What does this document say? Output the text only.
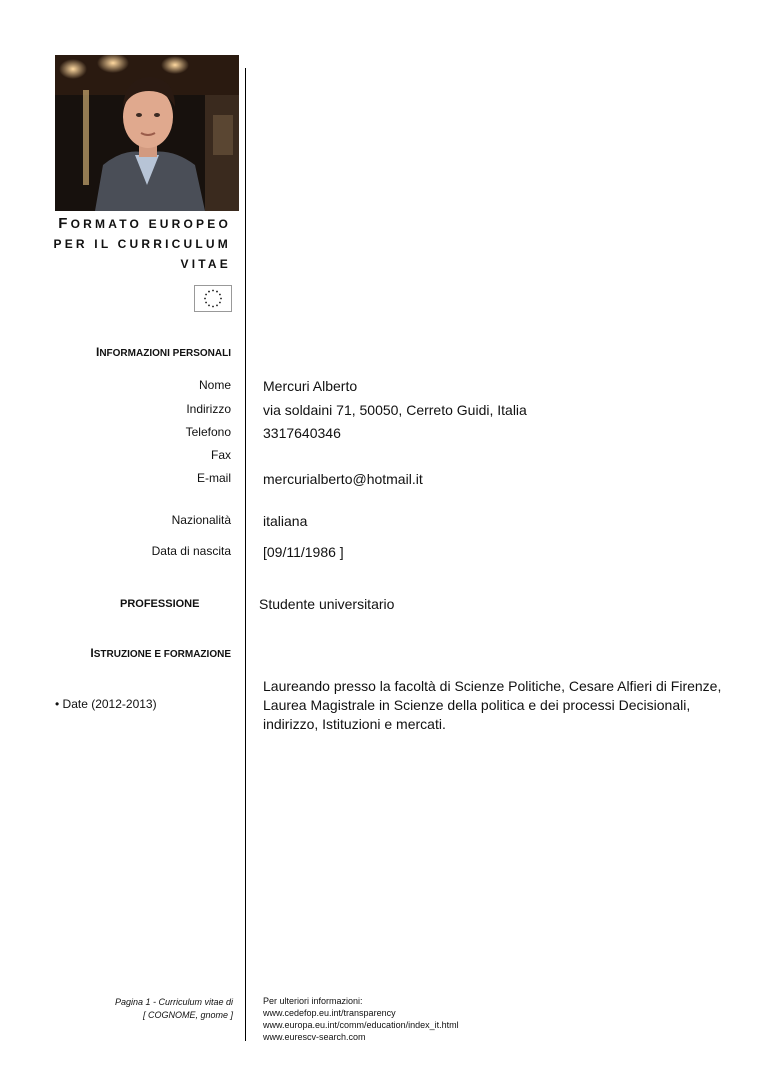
FORMATO EUROPEO
PER IL CURRICULUM
VITAE
INFORMAZIONI PERSONALI
Nome Mercuri Alberto
Indirizzo via soldaini 71, 50050, Cerreto Guidi, Italia
Telefono 3317640346
Fax
E-mail mercurialberto@hotmail.it
Nazionalità italiana
Data di nascita [09/11/1986 ]
PROFESSIONE	Studente universitario
ISTRUZIONE E FORMAZIONE
• Date (2012-2013)
Laureando presso la facoltà di Scienze Politiche, Cesare Alfieri di Firenze, Laurea Magistrale in Scienze della politica e dei processi Decisionali, indirizzo, Istituzioni e mercati.
Pagina 1 - Curriculum vitae di
[ COGNOME, gnome ]
Per ulteriori informazioni:
www.cedefop.eu.int/transparency
www.europa.eu.int/comm/education/index_it.html
www.eurescv-search.com
